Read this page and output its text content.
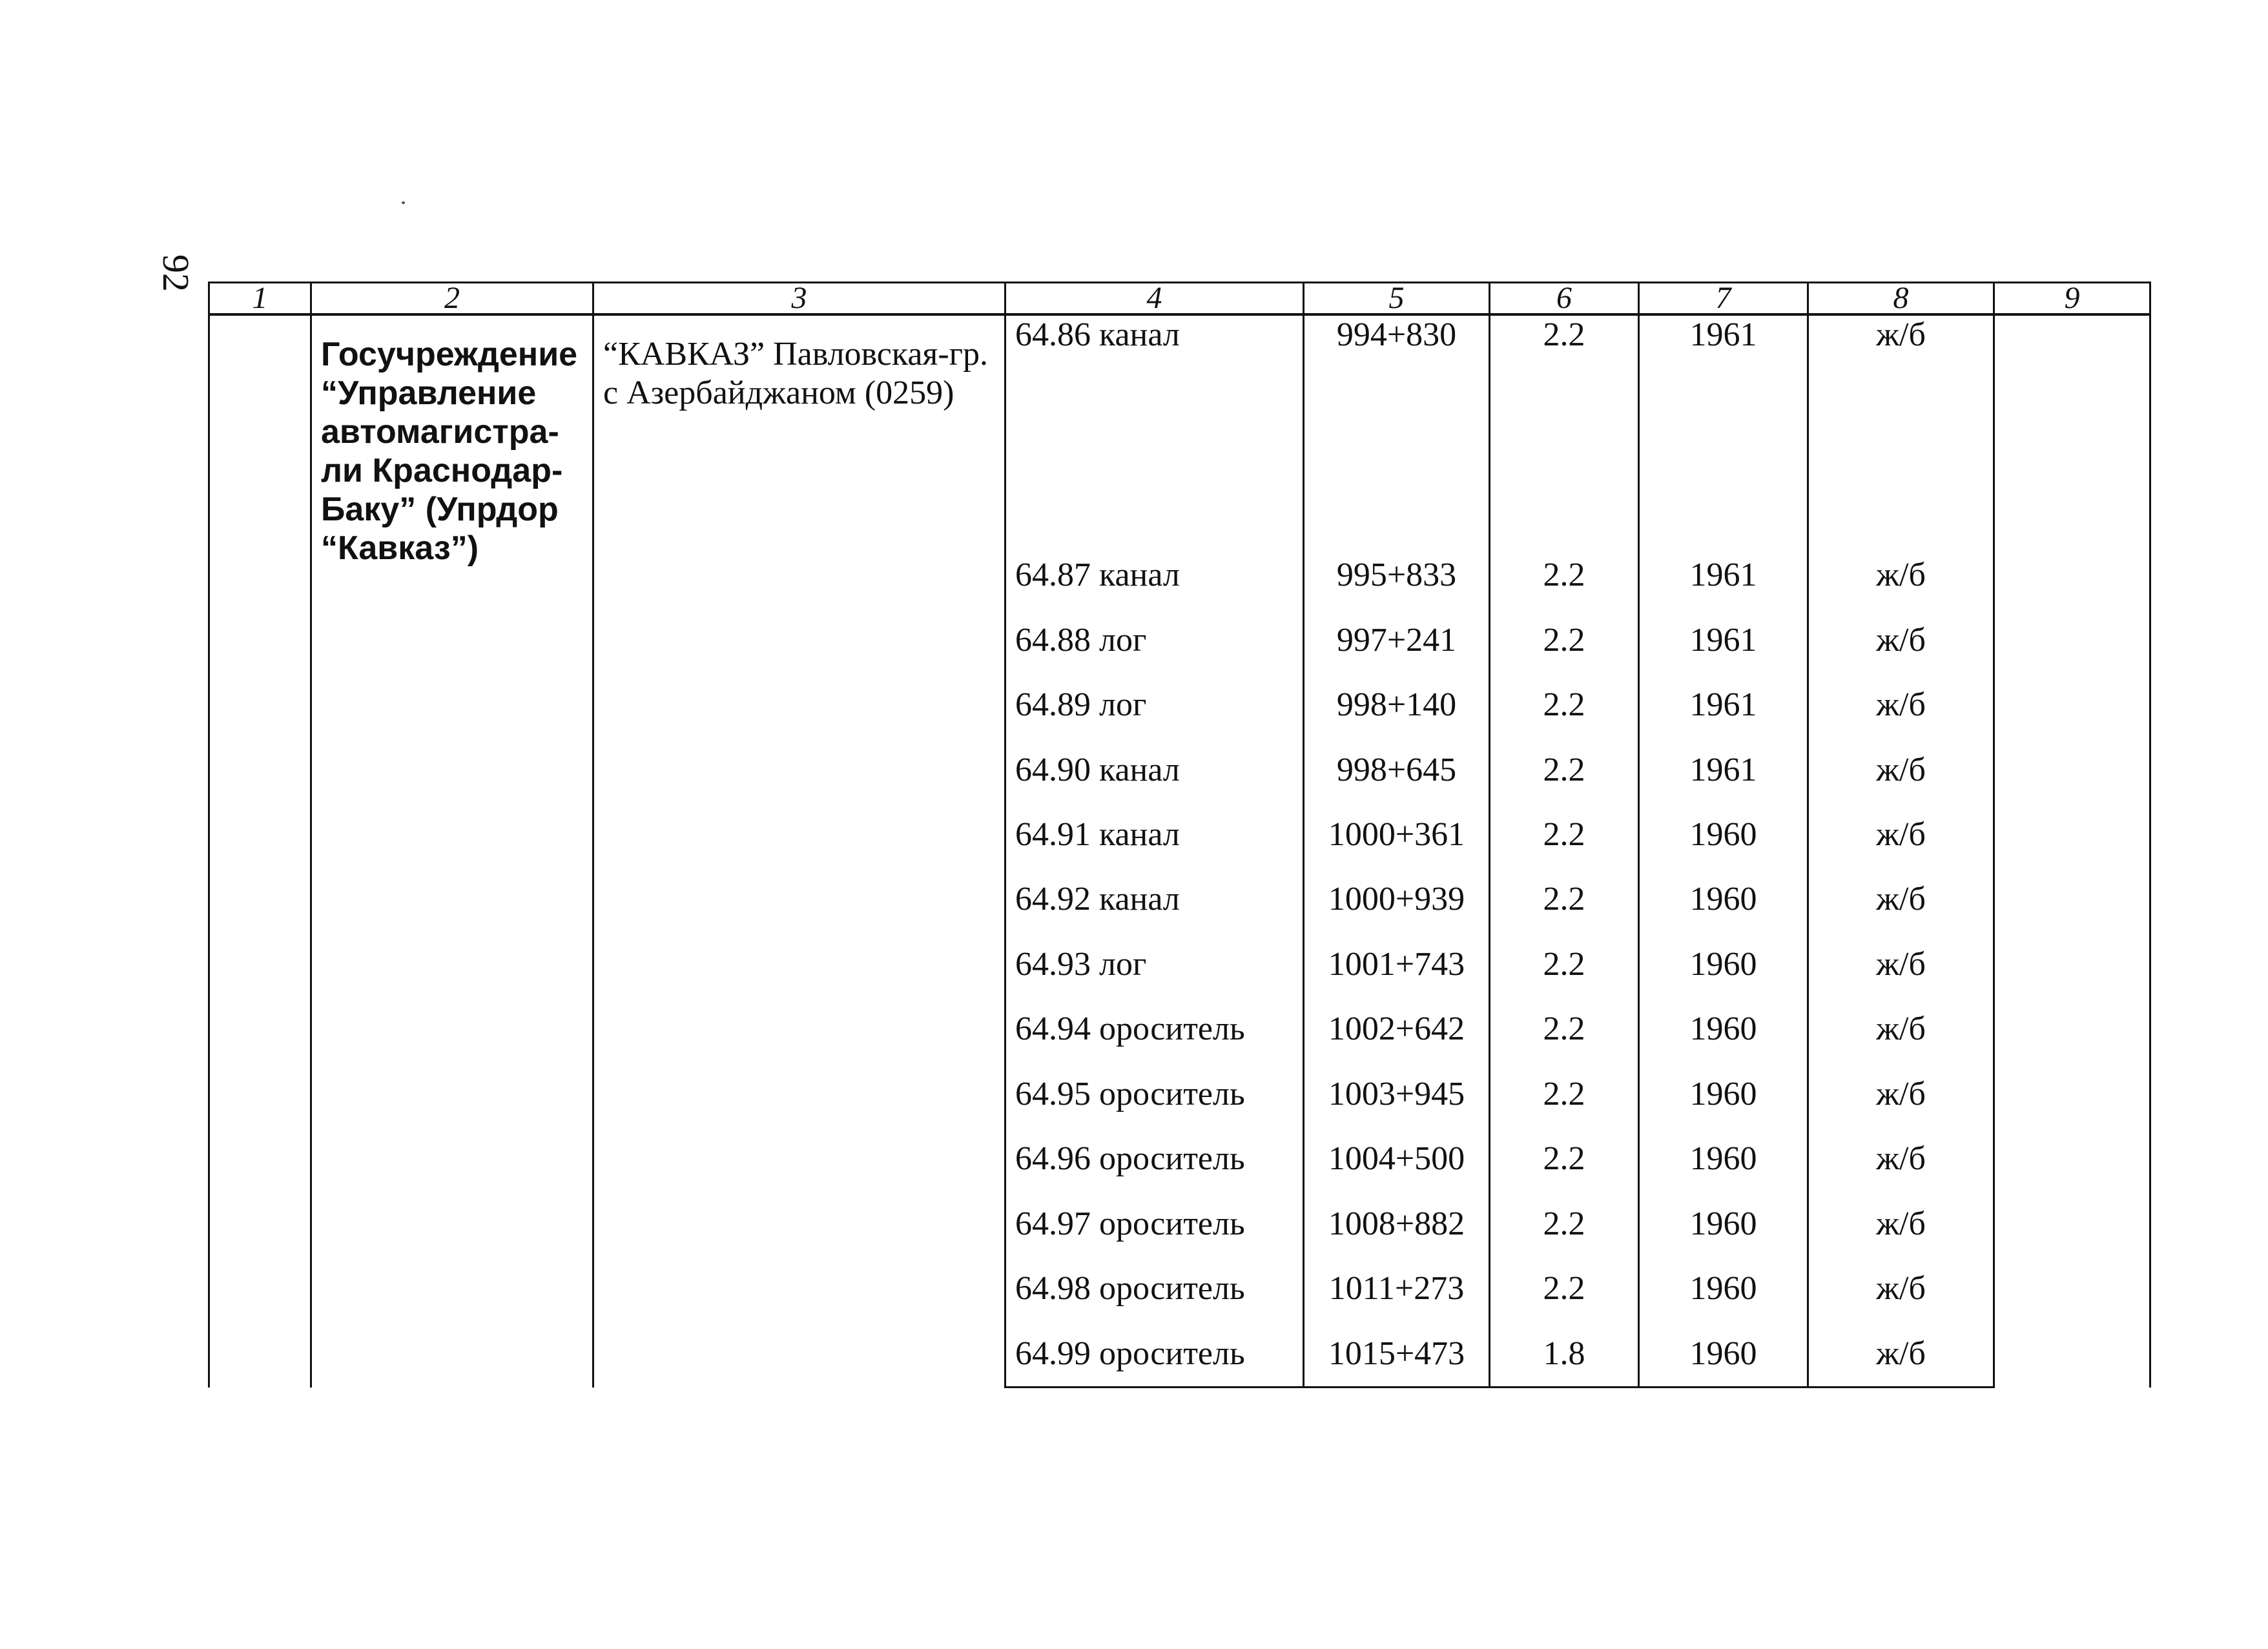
92
1	2	3	4	5	6	7	8	9
	Госучреждение “Управление автомагистра-ли Краснодар-Баку” (Упрдор “Кавказ”)	“КАВКАЗ” Павловская-гр. с Азербайджаном (0259)	64.86 канал	994+830	2.2	1961	ж/б	
			64.87 канал	995+833	2.2	1961	ж/б	
			64.88 лог	997+241	2.2	1961	ж/б	
			64.89 лог	998+140	2.2	1961	ж/б	
			64.90 канал	998+645	2.2	1961	ж/б	
			64.91 канал	1000+361	2.2	1960	ж/б	
			64.92 канал	1000+939	2.2	1960	ж/б	
			64.93 лог	1001+743	2.2	1960	ж/б	
			64.94 ороситель	1002+642	2.2	1960	ж/б	
			64.95 ороситель	1003+945	2.2	1960	ж/б	
			64.96 ороситель	1004+500	2.2	1960	ж/б	
			64.97 ороситель	1008+882	2.2	1960	ж/б	
			64.98 ороситель	1011+273	2.2	1960	ж/б	
			64.99 ороситель	1015+473	1.8	1960	ж/б	
